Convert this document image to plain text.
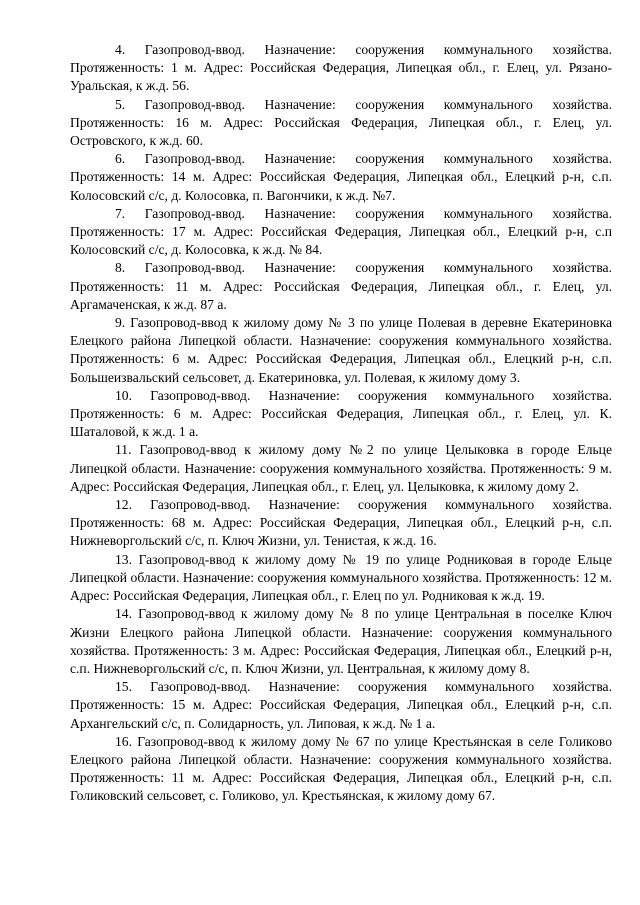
4. Газопровод-ввод. Назначение: сооружения коммунального хозяйства. Протяженность: 1 м. Адрес: Российская Федерация, Липецкая обл., г. Елец, ул. Рязано-Уральская, к ж.д. 56.

5. Газопровод-ввод. Назначение: сооружения коммунального хозяйства. Протяженность: 16 м. Адрес: Российская Федерация, Липецкая обл., г. Елец, ул. Островского, к ж.д. 60.

6. Газопровод-ввод. Назначение: сооружения коммунального хозяйства. Протяженность: 14 м. Адрес: Российская Федерация, Липецкая обл., Елецкий р-н, с.п. Колосовский с/с, д. Колосовка, п. Вагончики, к ж.д. №7.

7. Газопровод-ввод. Назначение: сооружения коммунального хозяйства. Протяженность: 17 м. Адрес: Российская Федерация, Липецкая обл., Елецкий р-н, с.п Колосовский с/с, д. Колосовка, к ж.д. № 84.

8. Газопровод-ввод. Назначение: сооружения коммунального хозяйства. Протяженность: 11 м. Адрес: Российская Федерация, Липецкая обл., г. Елец, ул. Аргамаченская, к ж.д. 87 а.

9. Газопровод-ввод к жилому дому № 3 по улице Полевая в деревне Екатериновка Елецкого района Липецкой области. Назначение: сооружения коммунального хозяйства. Протяженность: 6 м. Адрес: Российская Федерация, Липецкая обл., Елецкий р-н, с.п. Большеизвальский сельсовет, д. Екатериновка, ул. Полевая, к жилому дому 3.

10. Газопровод-ввод. Назначение: сооружения коммунального хозяйства. Протяженность: 6 м. Адрес: Российская Федерация, Липецкая обл., г. Елец, ул. К. Шаталовой, к ж.д. 1 а.

11. Газопровод-ввод к жилому дому №2 по улице Целыковка в городе Ельце Липецкой области. Назначение: сооружения коммунального хозяйства. Протяженность: 9 м. Адрес: Российская Федерация, Липецкая обл., г. Елец, ул. Целыковка, к жилому дому 2.

12. Газопровод-ввод. Назначение: сооружения коммунального хозяйства. Протяженность: 68 м. Адрес: Российская Федерация, Липецкая обл., Елецкий р-н, с.п. Нижневоргольский с/с, п. Ключ Жизни, ул. Тенистая, к ж.д. 16.

13. Газопровод-ввод к жилому дому № 19 по улице Родниковая в городе Ельце Липецкой области. Назначение: сооружения коммунального хозяйства. Протяженность: 12 м. Адрес: Российская Федерация, Липецкая обл., г. Елец по ул. Родниковая к ж.д. 19.

14. Газопровод-ввод к жилому дому № 8 по улице Центральная в поселке Ключ Жизни Елецкого района Липецкой области. Назначение: сооружения коммунального хозяйства. Протяженность: 3 м. Адрес: Российская Федерация, Липецкая обл., Елецкий р-н, с.п. Нижневоргольский с/с, п. Ключ Жизни, ул. Центральная, к жилому дому 8.

15. Газопровод-ввод. Назначение: сооружения коммунального хозяйства. Протяженность: 15 м. Адрес: Российская Федерация, Липецкая обл., Елецкий р-н, с.п. Архангельский с/с, п. Солидарность, ул. Липовая, к ж.д. № 1 а.

16. Газопровод-ввод к жилому дому № 67 по улице Крестьянская в селе Голиково Елецкого района Липецкой области. Назначение: сооружения коммунального хозяйства. Протяженность: 11 м. Адрес: Российская Федерация, Липецкая обл., Елецкий р-н, с.п. Голиковский сельсовет, с. Голиково, ул. Крестьянская, к жилому дому 67.
